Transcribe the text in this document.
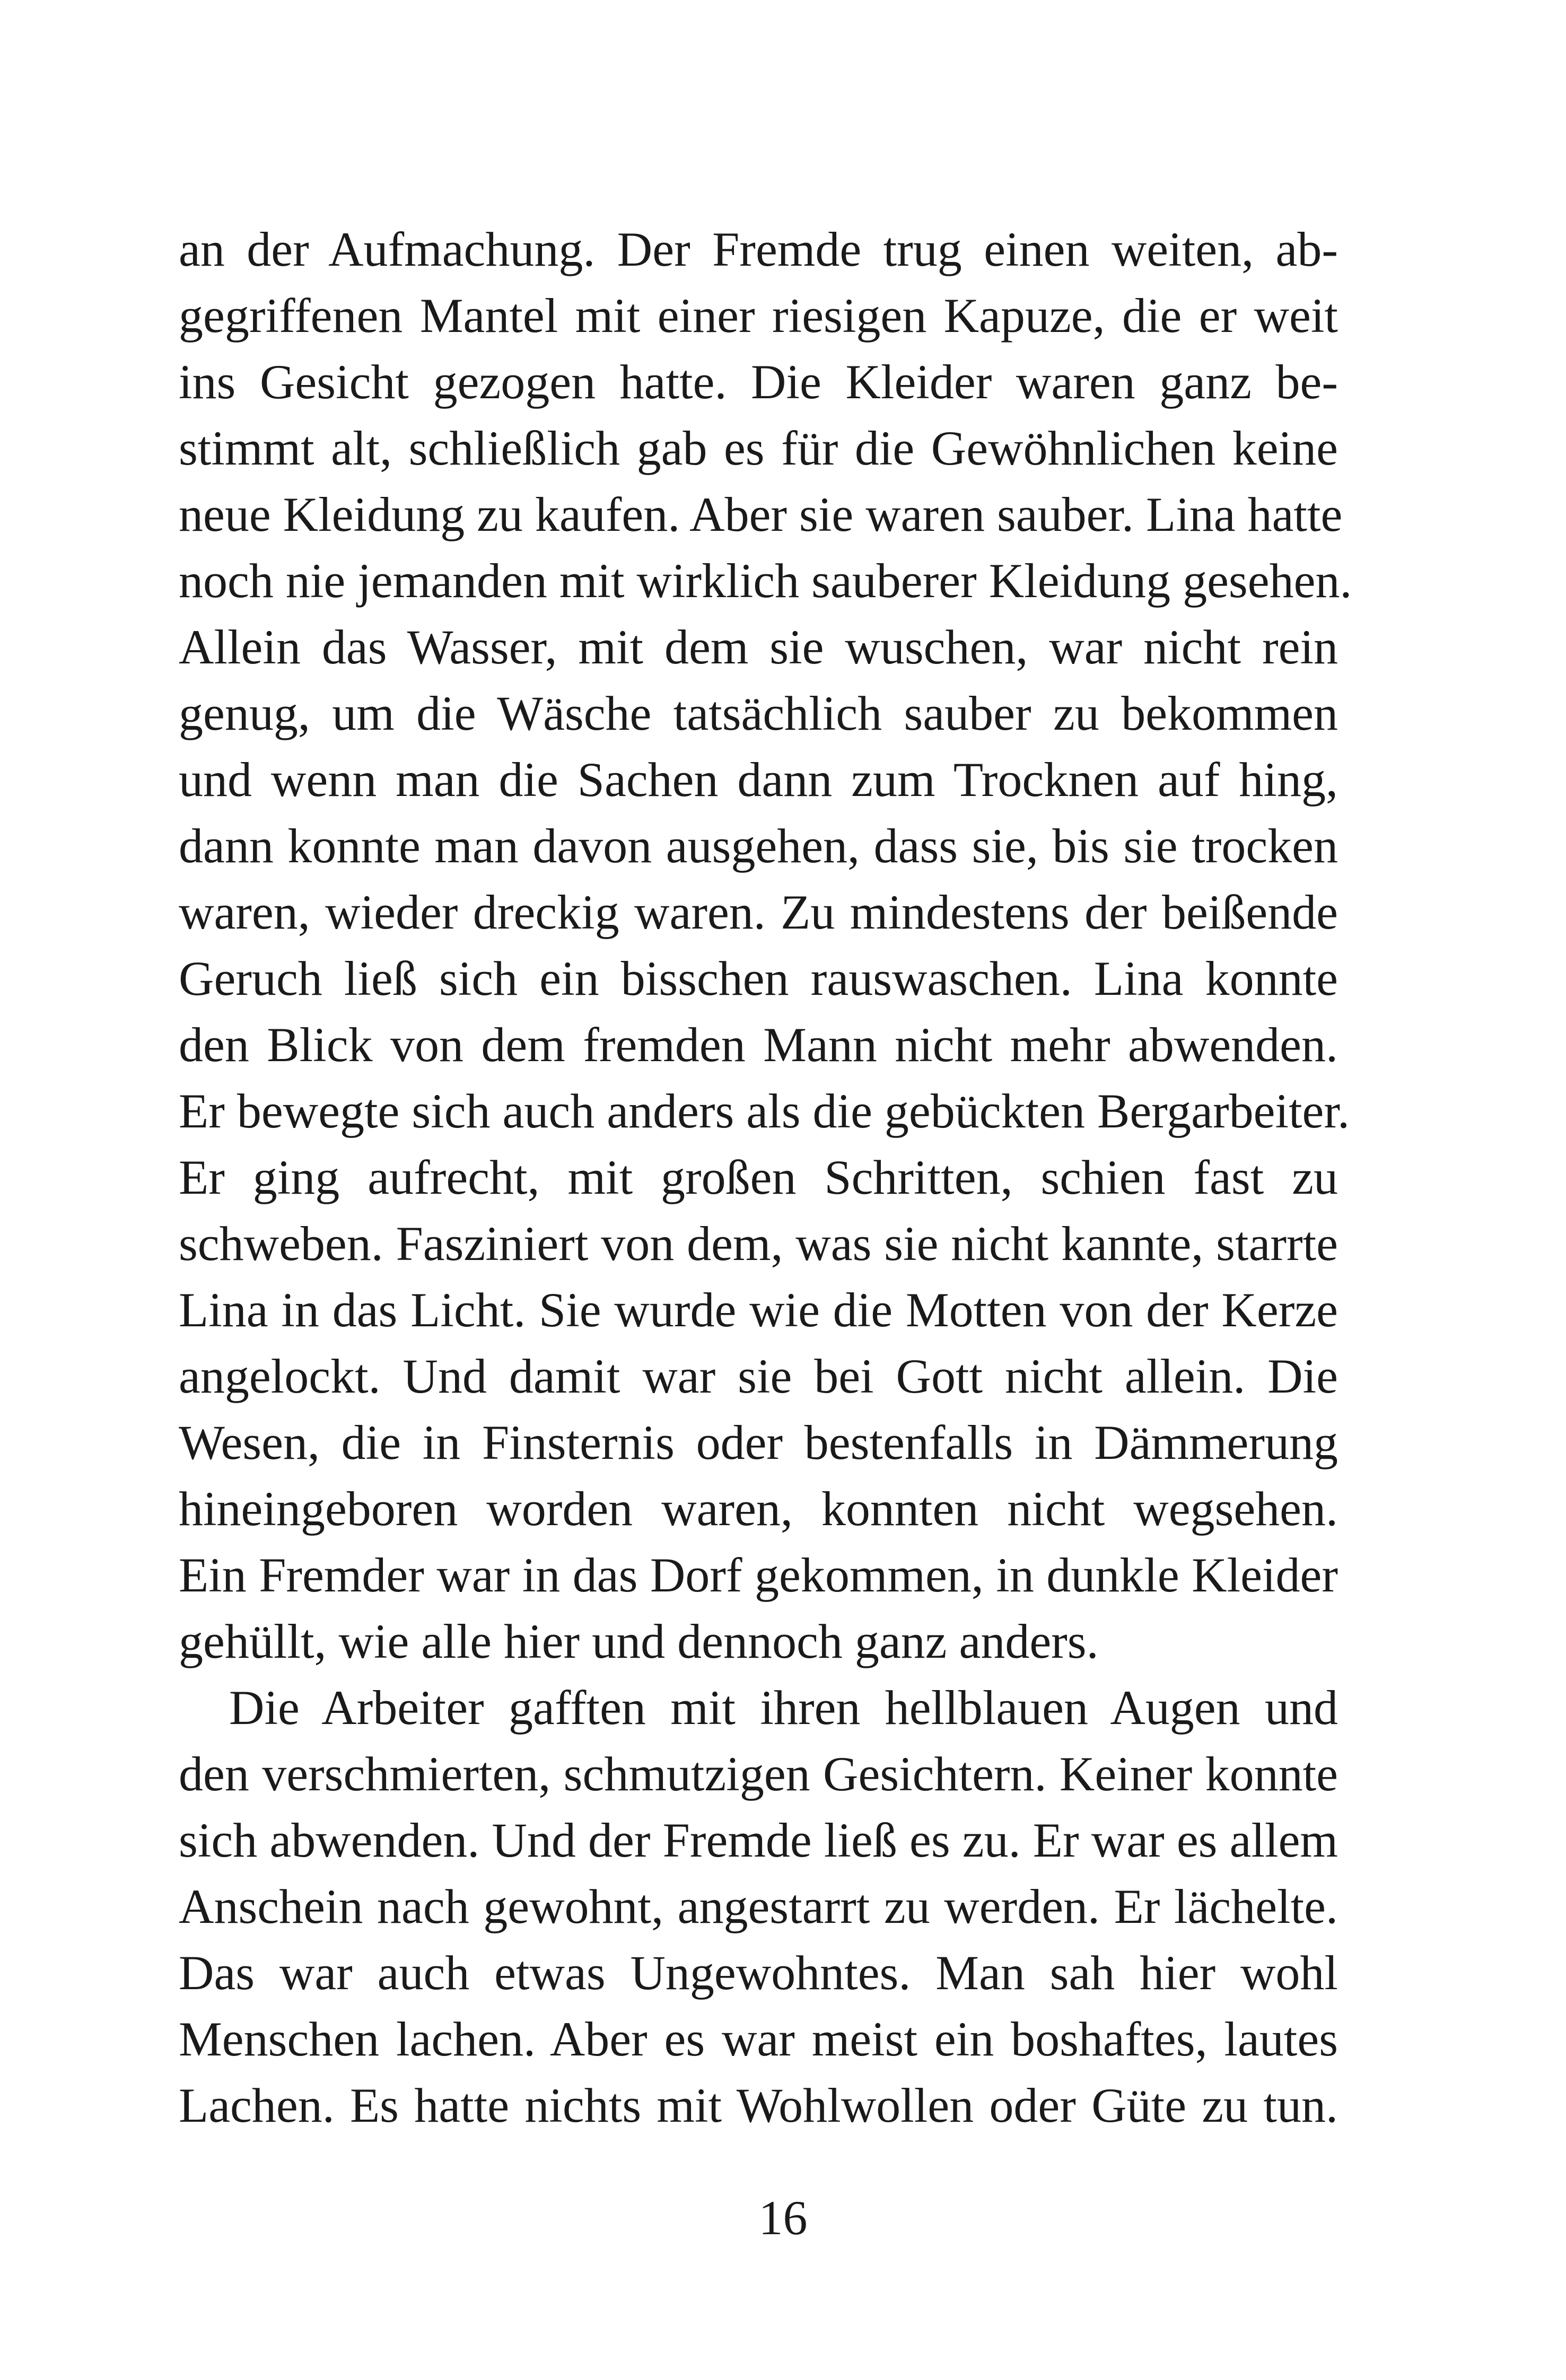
an der Aufmachung. Der Fremde trug einen weiten, ab-
gegriffenen Mantel mit einer riesigen Kapuze, die er weit
ins Gesicht gezogen hatte. Die Kleider waren ganz be-
stimmt alt, schließlich gab es für die Gewöhnlichen keine
neue Kleidung zu kaufen. Aber sie waren sauber. Lina hatte
noch nie jemanden mit wirklich sauberer Kleidung gesehen.
Allein das Wasser, mit dem sie wuschen, war nicht rein
genug, um die Wäsche tatsächlich sauber zu bekommen
und wenn man die Sachen dann zum Trocknen auf hing,
dann konnte man davon ausgehen, dass sie, bis sie trocken
waren, wieder dreckig waren. Zu mindestens der beißende
Geruch ließ sich ein bisschen rauswaschen. Lina konnte
den Blick von dem fremden Mann nicht mehr abwenden.
Er bewegte sich auch anders als die gebückten Bergarbeiter.
Er ging aufrecht, mit großen Schritten, schien fast zu
schweben. Fasziniert von dem, was sie nicht kannte, starrte
Lina in das Licht. Sie wurde wie die Motten von der Kerze
angelockt. Und damit war sie bei Gott nicht allein. Die
Wesen, die in Finsternis oder bestenfalls in Dämmerung
hineingeboren worden waren, konnten nicht wegsehen.
Ein Fremder war in das Dorf gekommen, in dunkle Kleider
gehüllt, wie alle hier und dennoch ganz anders.
Die Arbeiter gafften mit ihren hellblauen Augen und
den verschmierten, schmutzigen Gesichtern. Keiner konnte
sich abwenden. Und der Fremde ließ es zu. Er war es allem
Anschein nach gewohnt, angestarrt zu werden. Er lächelte.
Das war auch etwas Ungewohntes. Man sah hier wohl
Menschen lachen. Aber es war meist ein boshaftes, lautes
Lachen. Es hatte nichts mit Wohlwollen oder Güte zu tun.
16
